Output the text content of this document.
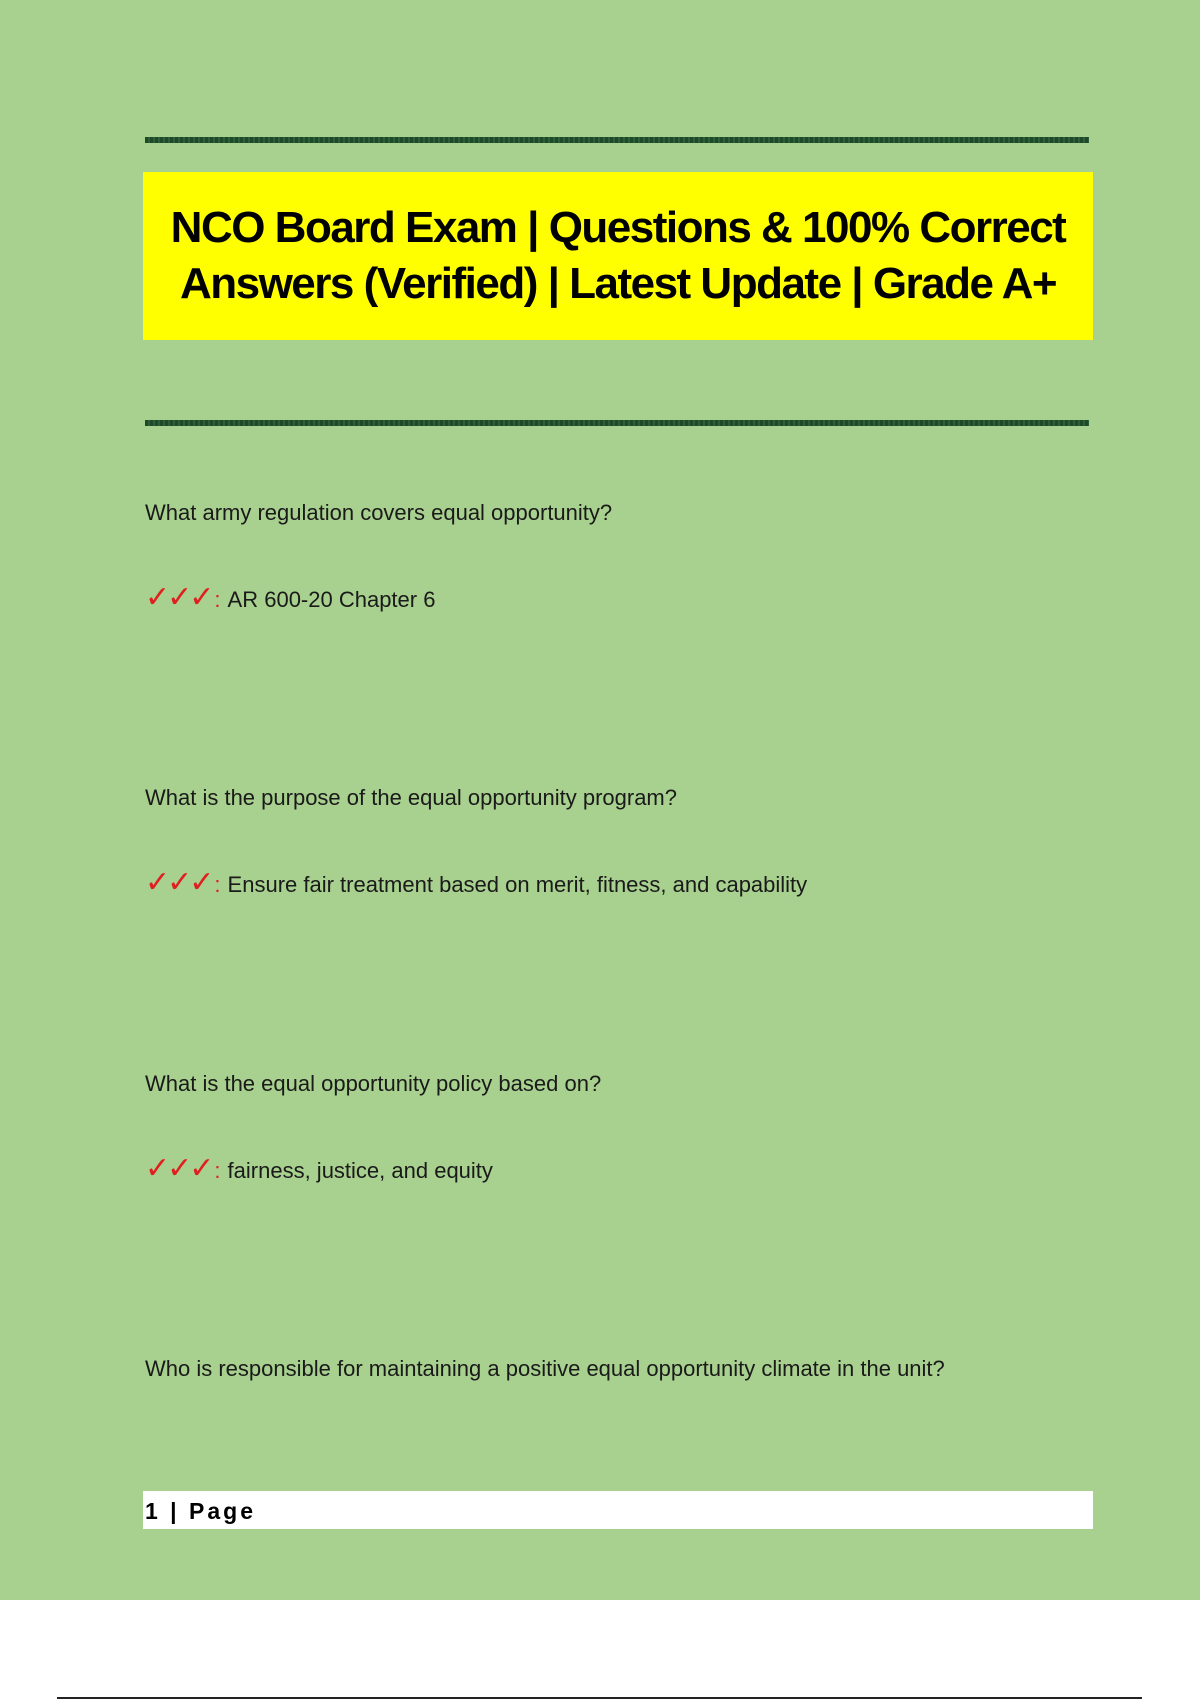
NCO Board Exam | Questions & 100% Correct Answers (Verified) | Latest Update | Grade A+

What army regulation covers equal opportunity?
✓✓✓ : AR 600-20 Chapter 6
What is the purpose of the equal opportunity program?
✓✓✓ : Ensure fair treatment based on merit, fitness, and capability
What is the equal opportunity policy based on?
✓✓✓ : fairness, justice, and equity
Who is responsible for maintaining a positive equal opportunity climate in the unit?
1 | Page
